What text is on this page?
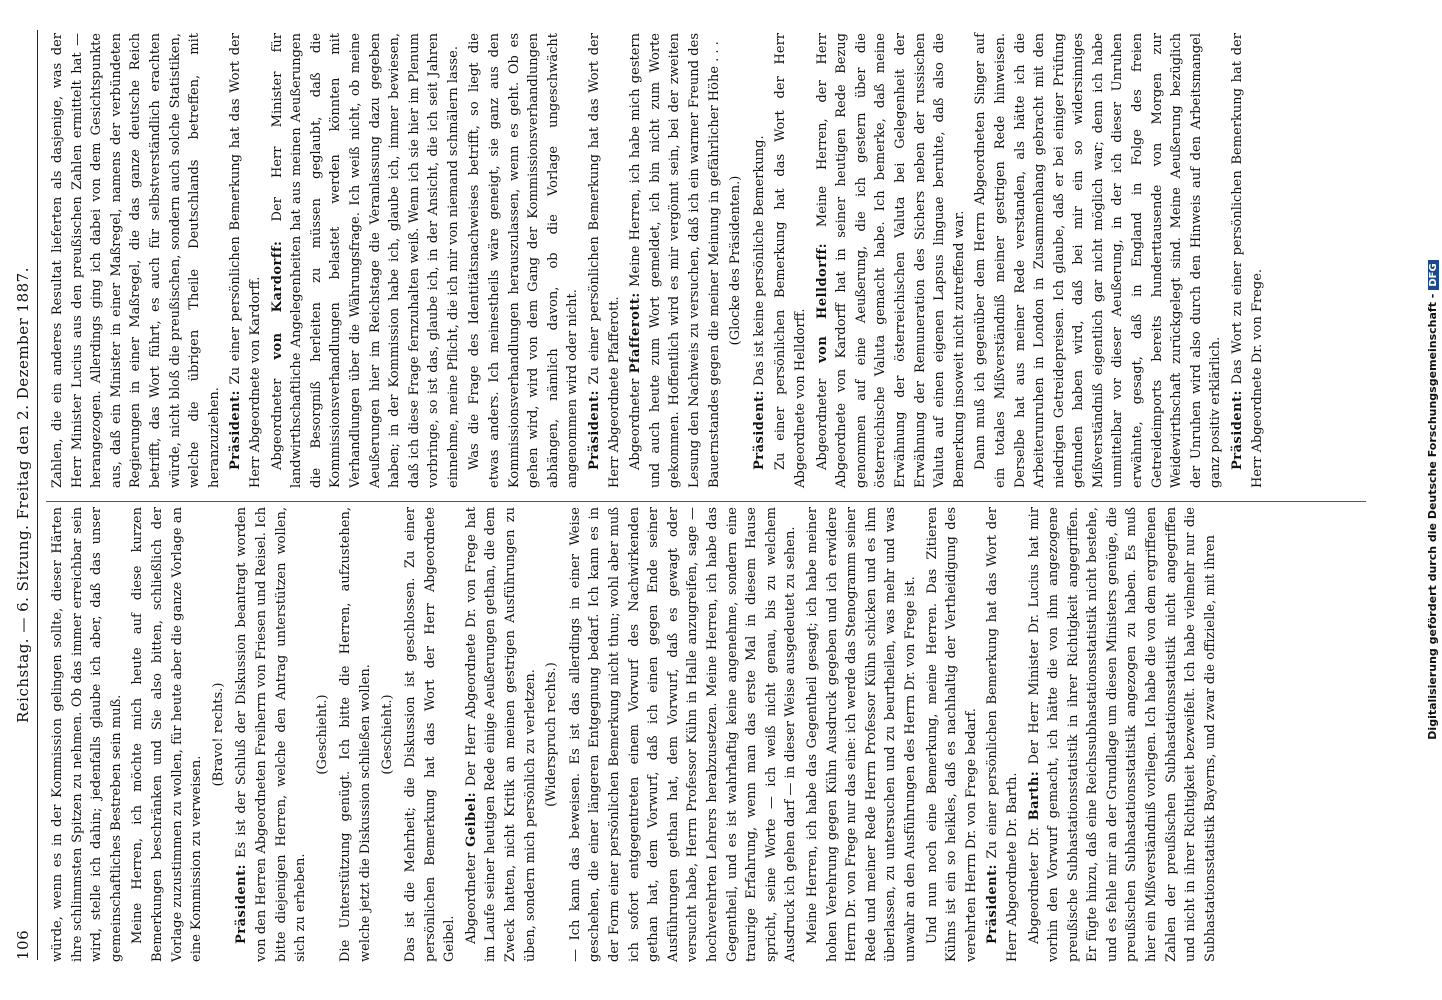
106
Reichstag. — 6. Sitzung. Freitag den 2. Dezember 1887.

würde, wenn es in der Kommission gelingen sollte, dieser Härten ihre schlimmsten Spitzen zu nehmen. Ob das immer erreichbar sein wird, stelle ich dahin; jedenfalls glaube ich aber, daß das unser gemeinschaftliches Bestreben sein muß. Meine Herren, ich möchte mich heute auf diese kurzen Bemerkungen beschränken und Sie also bitten, schließlich der Vorlage zuzustimmen zu wollen, für heute aber die ganze Vorlage an eine Kommission zu verweisen.

(Bravo! rechts.)

Präsident: Es ist der Schluß der Diskussion beantragt worden von den Herren Abgeordneten Freiherrn von Friesen und Reisel. Ich bitte diejenigen Herren, welche den Antrag unterstützen wollen, sich zu erheben.

(Geschieht.) Die Unterstützung genügt. Ich bitte die Herren, aufzustehen, welche jetzt die Diskussion schließen wollen. (Geschieht.) Das ist die Mehrheit; die Diskussion ist geschlossen. Zu einer persönlichen Bemerkung hat das Wort der Herr Abgeordnete Geibel. Abgeordneter Geibel: Der Herr Abgeordnete Dr. von Frege hat im Laufe seiner heutigen Rede einige Aeußerungen gethan, die dem Zweck hatten, nicht Kritik an meinen gestrigen Ausführungen zu üben, sondern mich persönlich zu verletzen. (Widerspruch rechts.) — Ich kann das beweisen. Es ist das allerdings in einer Weise geschehen, die einer längeren Entgegnung bedarf. Ich kann es in der Form einer persönlichen Bemerkung nicht thun; wohl aber muß ich sofort entgegentreten einem Vorwurf des Nachwirkenden gethan hat, dem Vorwurf, daß ich einen gegen Ende seiner Ausführungen gethan hat, dem Vorwurf, daß es gewagt oder versucht habe, Herrn Professor Kühn in Halle anzugreifen, sage — hochverehrten Lehrers herabzusetzen. Meine Herren, ich habe das Gegentheil, und es ist wahrhaftig keine angenehme, sondern eine traurige Erfahrung, wenn man das erste Mal in diesem Hause spricht, seine Worte — ich weiß nicht genau, bis zu welchem Ausdruck ich gehen darf — in dieser Weise ausgedeutet zu sehen. Meine Herren, ich habe das Gegentheil gesagt; ich habe meiner hohen Verehrung gegen Kühn Ausdruck gegeben und ich erwidere Herrn Dr. von Frege nur das eine: ich werde das Stenogramm seiner Rede und meiner Rede Herrn Professor Kühn schicken und es ihm überlassen, zu untersuchen und zu beurtheilen, was mehr und was unwahr an den Ausführungen des Herrn Dr. von Frege ist. Und nun noch eine Bemerkung, meine Herren. Das Zitieren Kühns ist ein so heikles, daß es nachhaltig der Vertheidigung des verehrten Herrn Dr. von Frege bedarf. Präsident: Zu einer persönlichen Bemerkung hat das Wort der Herr Abgeordnete Dr. Barth. Abgeordneter Dr. Barth: Der Herr Minister Dr. Lucius hat mir vorhin den Vorwurf gemacht, ich hätte die von ihm angezogene preußische Subhastationsstatistik in ihrer Richtigkeit angegriffen. Er fügte hinzu, daß eine Reichssubhastationsstatistik nicht bestehe, und es fehle mir an der Grundlage um diesen Ministers genüge, die preußischen Subhastationsstatistik angezogen zu haben. Es muß hier ein Mißverständniß vorliegen. Ich habe die von dem ergriffenen Zahlen der preußischen Subhastationsstatistik nicht angegriffen und nicht in ihrer Richtigkeit bezweifelt. Ich habe vielmehr nur die Subhastationsstatistik Bayerns, und zwar die offizielle, mit ihren

Zahlen, die ein anderes Resultat lieferten als dasjenige, was der Herr Minister Lucius aus den preußischen Zahlen ermittelt hat — herangezogen. Allerdings ging ich dabei von dem Gesichtspunkte aus, daß ein Minister in einer Maßregel, namens der verbündeten Regierungen in einer Maßregel, die das ganze deutsche Reich betrifft, das Wort führt, es auch für selbstverständlich erachten würde, nicht bloß die preußischen, sondern auch solche Statistiken, welche die übrigen Theile Deutschlands betreffen, mit heranzuziehen. Präsident: Zu einer persönlichen Bemerkung hat das Wort der Herr Abgeordnete von Kardorff. Abgeordneter von Kardorff: Der Herr Minister für landwirthschaftliche Angelegenheiten hat aus meinen Aeußerungen die Besorgniß herleiten zu müssen geglaubt, daß die Kommissionsverhandlungen belastet werden könnten mit Verhandlungen über die Währungsfrage. Ich weiß nicht, ob meine Aeußerungen hier im Reichstage die Veranlassung dazu gegeben haben; in der Kommission habe ich, glaube ich, immer bewiesen, daß ich diese Frage fernzuhalten weiß. Wenn ich sie hier im Plenum vorbringe, so ist das, glaube ich, in der Ansicht, die ich seit Jahren einnehme, meine Pflicht, die ich mir von niemand schmälern lasse. Was die Frage des Identitätsnachweises betrifft, so liegt die etwas anders. Ich meinestheils wäre geneigt, sie ganz aus den Kommissionsverhandlungen herauszulassen, wenn es geht. Ob es gehen wird, wird von dem Gang der Kommissionsverhandlungen abhängen, nämlich davon, ob die Vorlage ungeschwächt angenommen wird oder nicht. Präsident: Zu einer persönlichen Bemerkung hat das Wort der Herr Abgeordnete Pfafferott. Abgeordneter Pfafferott: Meine Herren, ich habe mich gestern und auch heute zum Wort gemeldet, ich bin nicht zum Worte gekommen. Hoffentlich wird es mir vergönnt sein, bei der zweiten Lesung den Nachweis zu versuchen, daß ich ein warmer Freund des Bauernstandes gegen die meiner Meinung in gefährlicher Höhe . . . (Glocke des Präsidenten.)

Präsident: Das ist keine persönliche Bemerkung. Zu einer persönlichen Bemerkung hat das Wort der Herr Abgeordnete von Helldorff. Abgeordneter von Helldorff: Meine Herren, der Herr Abgeordnete von Kardorff hat in seiner heutigen Rede Bezug genommen auf eine Aeußerung, die ich gestern über die österreichische Valuta gemacht habe. Ich bemerke, daß meine Erwähnung der österreichischen Valuta bei Gelegenheit der Erwähnung der Remuneration des Sichers neben der russischen Valuta auf einen eigenen Lapsus linguae beruhte, daß also die Bemerkung insoweit nicht zutreffend war. Dann muß ich gegenüber dem Herrn Abgeordneten Singer auf ein totales Mißverständniß meiner gestrigen Rede hinweisen. Derselbe hat aus meiner Rede verstanden, als hätte ich die Arbeiterunruhen in London in Zusammenhang gebracht mit den niedrigen Getreidepreisen. Ich glaube, daß er bei einiger Prüfung gefunden haben wird, daß bei mir ein so widersinniges Mißverständniß eigentlich gar nicht möglich war; denn ich habe unmittelbar vor dieser Aeußerung, in der ich dieser Unruhen erwähnte, gesagt, daß in England in Folge des freien Getreideimports bereits hunderttausende von Morgen zur Weidewirthschaft zurückgelegt sind. Meine Aeußerung bezüglich der Unruhen wird also durch den Hinweis auf den Arbeitsmangel ganz positiv erklärlich. Präsident: Das Wort zu einer persönlichen Bemerkung hat der Herr Abgeordnete Dr. von Frege.	Digitalisierung gefördert durch die Deutsche Forschungsgemeinschaft -DFG
